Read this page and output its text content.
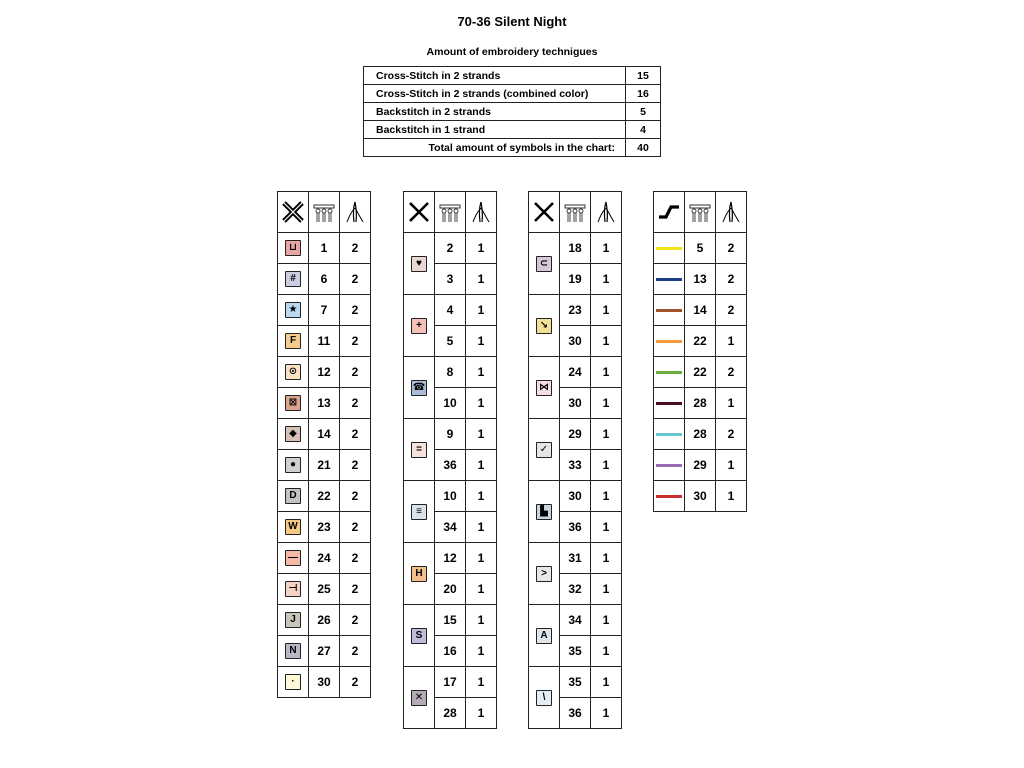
70-36 Silent Night
Amount of embroidery technigues
Cross-Stitch in 2 strands	15
Cross-Stitch in 2 strands (combined color)	16
Backstitch in 2 strands	5
Backstitch in 1 strand	4
Total amount of symbols in the chart:	40

⊔	1	2
#	6	2
★	7	2
F	11	2
⊙	12	2
⊠	13	2
◆	14	2
●	21	2
D	22	2
W	23	2
—	24	2
⊣	25	2
J	26	2
N	27	2
·	30	2

♥	2	1
	3	1
+	4	1
	5	1
☎	8	1
	10	1
=	9	1
	36	1
≡	10	1
	34	1
H	12	1
	20	1
S	15	1
	16	1
✕	17	1
	28	1

⊂	18	1
	19	1
↘	23	1
	30	1
⋈	24	1
	30	1
✓	29	1
	33	1
▙	30	1
	36	1
>	31	1
	32	1
A	34	1
	35	1
\	35	1
	36	1

	5	2
	13	2
	14	2
	22	1
	22	2
	28	1
	28	2
	29	1
	30	1
